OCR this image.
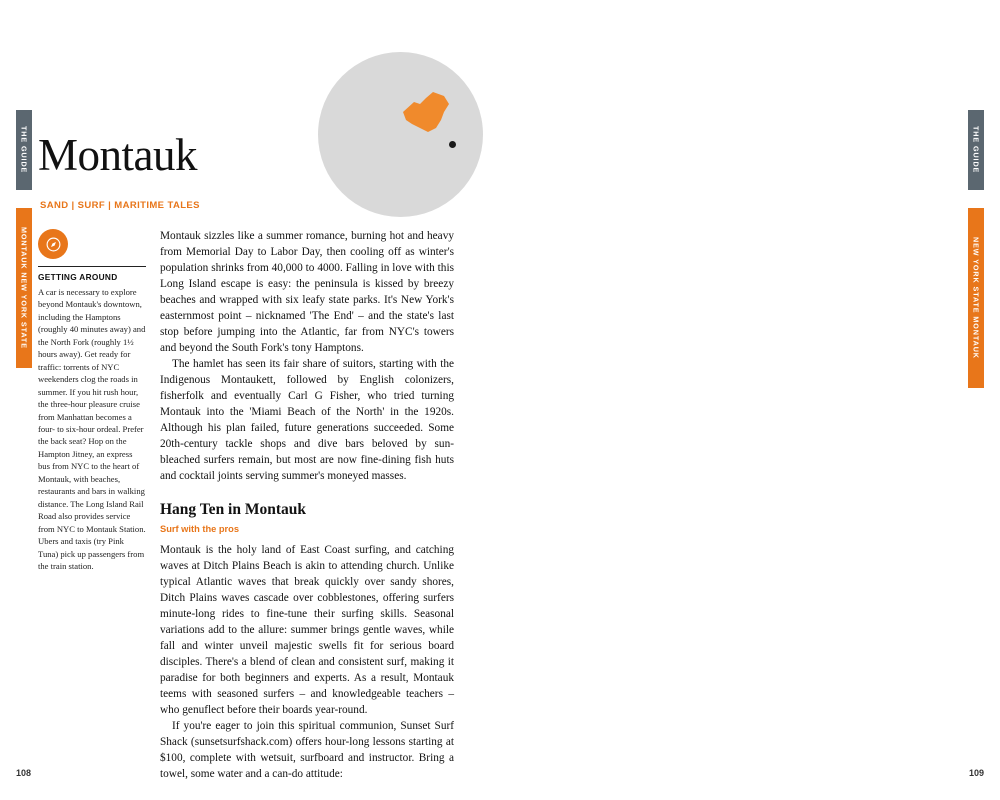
THE GUIDE
MONTAUK NEW YORK STATE
Montauk
SAND | SURF | MARITIME TALES
GETTING AROUND
A car is necessary to explore beyond Montauk's downtown, including the Hamptons (roughly 40 minutes away) and the North Fork (roughly 1½ hours away). Get ready for traffic: torrents of NYC weekenders clog the roads in summer. If you hit rush hour, the three-hour pleasure cruise from Manhattan becomes a four- to six-hour ordeal. Prefer the back seat? Hop on the Hampton Jitney, an express bus from NYC to the heart of Montauk, with beaches, restaurants and bars in walking distance. The Long Island Rail Road also provides service from NYC to Montauk Station. Ubers and taxis (try Pink Tuna) pick up passengers from the train station.

Montauk sizzles like a summer romance, burning hot and heavy from Memorial Day to Labor Day, then cooling off as winter's population shrinks from 40,000 to 4000. Falling in love with this Long Island escape is easy: the peninsula is kissed by breezy beaches and wrapped with six leafy state parks. It's New York's easternmost point – nicknamed 'The End' – and the state's last stop before jumping into the Atlantic, far from NYC's towers and beyond the South Fork's tony Hamptons.

The hamlet has seen its fair share of suitors, starting with the Indigenous Montaukett, followed by English colonizers, fisherfolk and eventually Carl G Fisher, who tried turning Montauk into the 'Miami Beach of the North' in the 1920s. Although his plan failed, future generations succeeded. Some 20th-century tackle shops and dive bars beloved by sun-bleached surfers remain, but most are now fine-dining fish huts and cocktail joints serving summer's moneyed masses.

Hang Ten in Montauk
Surf with the pros

Montauk is the holy land of East Coast surfing, and catching waves at Ditch Plains Beach is akin to attending church. Unlike typical Atlantic waves that break quickly over sandy shores, Ditch Plains waves cascade over cobblestones, offering surfers minute-long rides to fine-tune their surfing skills. Seasonal variations add to the allure: summer brings gentle waves, while fall and winter unveil majestic swells fit for serious board disciples. There's a blend of clean and consistent surf, making it paradise for both beginners and experts. As a result, Montauk teems with seasoned surfers – and knowledgeable teachers – who genuflect before their boards year-round.

If you're eager to join this spiritual communion, Sunset Surf Shack (sunsetsurfshack.com) offers hour-long lessons starting at $100, complete with wetsuit, surfboard and instructor. Bring a towel, some water and a can-do attitude:

108
THE GUIDE
NEW YORK STATE MONTAUK

109
